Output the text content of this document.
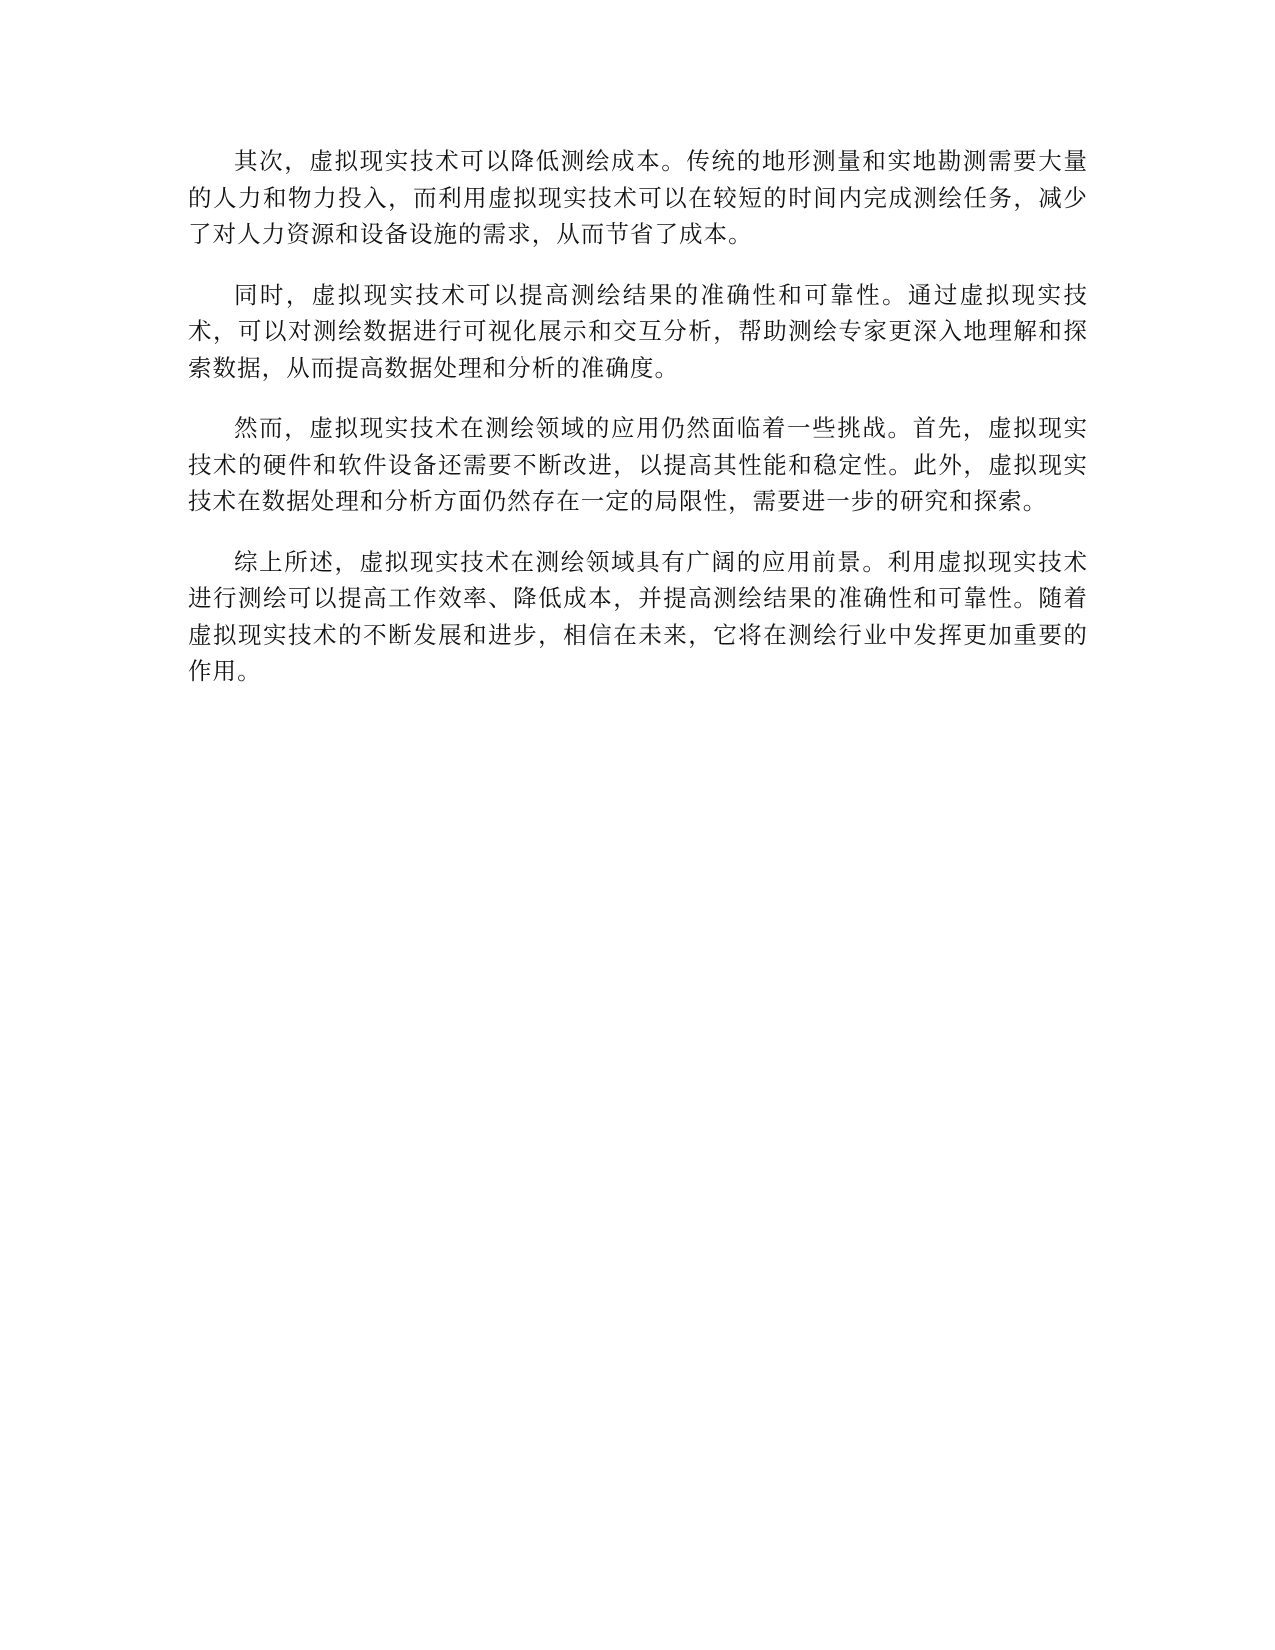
其次，虚拟现实技术可以降低测绘成本。传统的地形测量和实地勘测需要大量的人力和物力投入，而利用虚拟现实技术可以在较短的时间内完成测绘任务，减少了对人力资源和设备设施的需求，从而节省了成本。

同时，虚拟现实技术可以提高测绘结果的准确性和可靠性。通过虚拟现实技术，可以对测绘数据进行可视化展示和交互分析，帮助测绘专家更深入地理解和探索数据，从而提高数据处理和分析的准确度。

然而，虚拟现实技术在测绘领域的应用仍然面临着一些挑战。首先，虚拟现实技术的硬件和软件设备还需要不断改进，以提高其性能和稳定性。此外，虚拟现实技术在数据处理和分析方面仍然存在一定的局限性，需要进一步的研究和探索。

综上所述，虚拟现实技术在测绘领域具有广阔的应用前景。利用虚拟现实技术进行测绘可以提高工作效率、降低成本，并提高测绘结果的准确性和可靠性。随着虚拟现实技术的不断发展和进步，相信在未来，它将在测绘行业中发挥更加重要的作用。
